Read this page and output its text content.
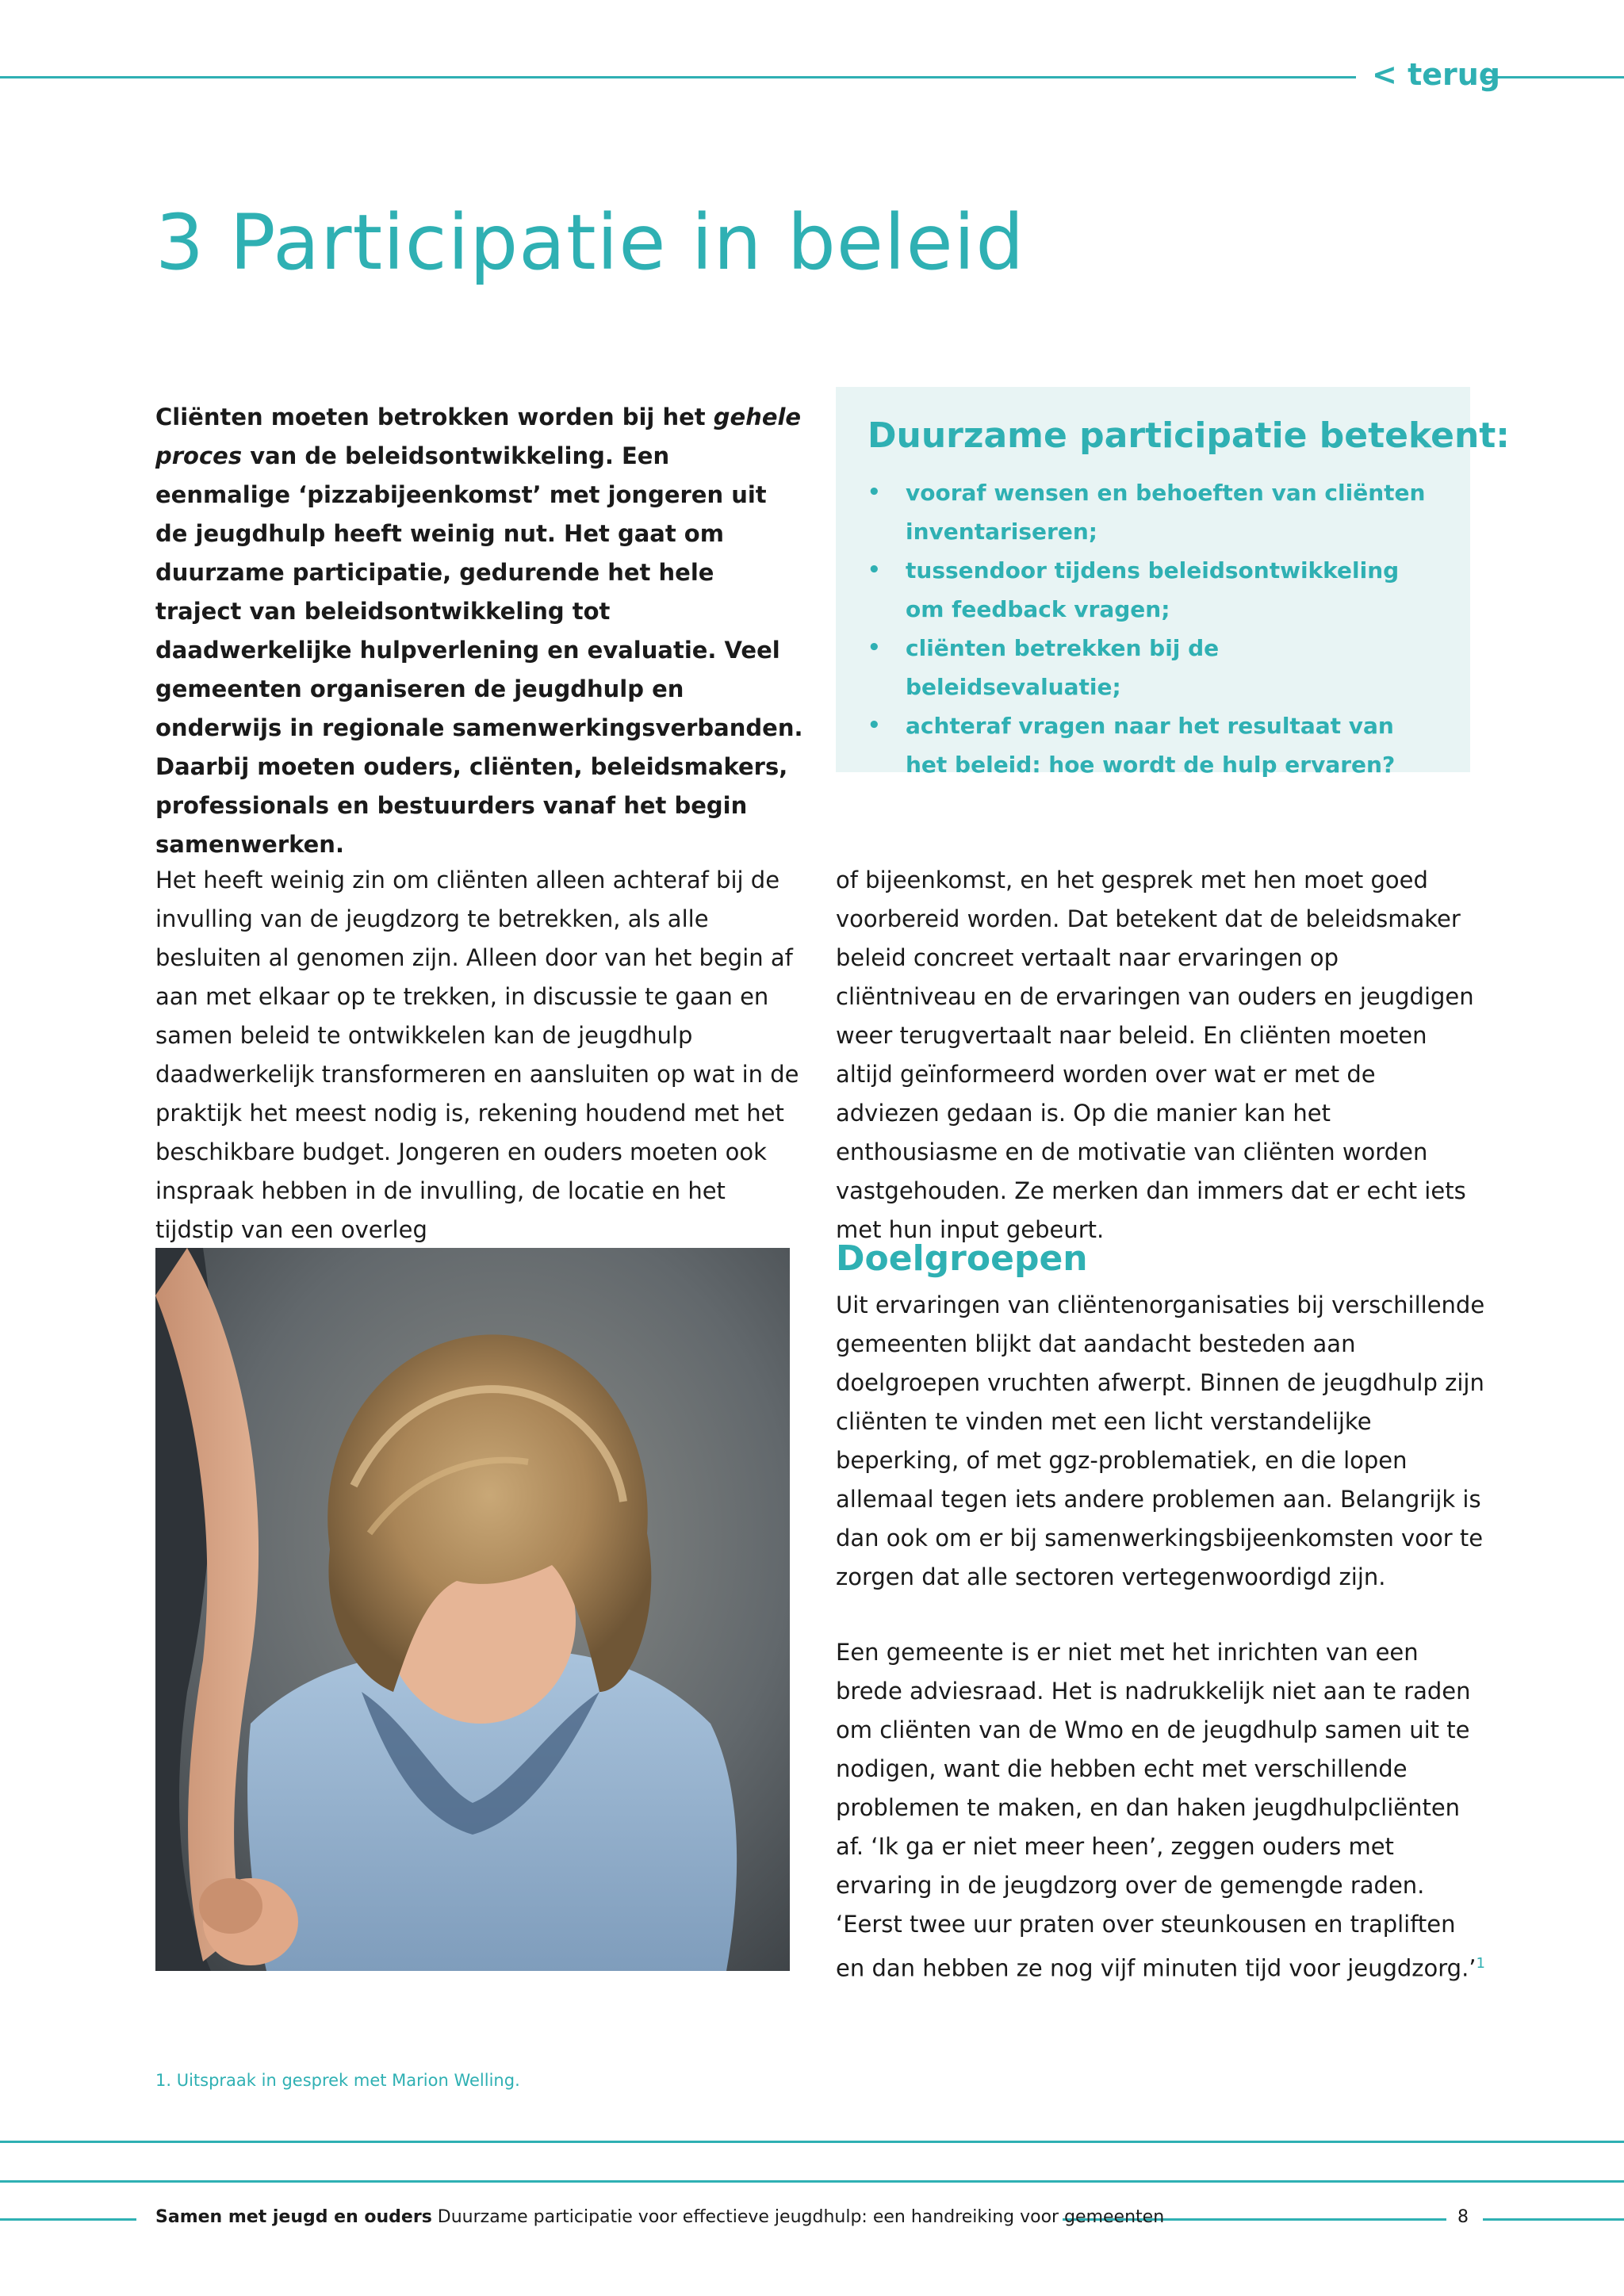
< terug
3 Participatie in beleid

Cliënten moeten betrokken worden bij het gehele proces van de beleidsontwikkeling. Een eenmalige ‘pizzabijeenkomst’ met jongeren uit de jeugdhulp heeft weinig nut. Het gaat om duurzame participatie, gedurende het hele traject van beleidsontwikkeling tot daadwerkelijke hulpverlening en evaluatie. Veel gemeenten organiseren de jeugdhulp en onderwijs in regionale samenwerkingsverbanden. Daarbij moeten ouders, cliënten, beleidsmakers, professionals en bestuurders vanaf het begin samenwerken.

Duurzame participatie betekent:
• vooraf wensen en behoeften van cliënten inventariseren;
• tussendoor tijdens beleidsontwikkeling om feedback vragen;
• cliënten betrekken bij de beleidsevaluatie;
• achteraf vragen naar het resultaat van het beleid: hoe wordt de hulp ervaren?

Het heeft weinig zin om cliënten alleen achteraf bij de invulling van de jeugdzorg te betrekken, als alle besluiten al genomen zijn. Alleen door van het begin af aan met elkaar op te trekken, in discussie te gaan en samen beleid te ontwikkelen kan de jeugdhulp daadwerkelijk transformeren en aansluiten op wat in de praktijk het meest nodig is, rekening houdend met het beschikbare budget. Jongeren en ouders moeten ook inspraak hebben in de invulling, de locatie en het tijdstip van een overleg

of bijeenkomst, en het gesprek met hen moet goed voorbereid worden. Dat betekent dat de beleidsmaker beleid concreet vertaalt naar ervaringen op cliëntniveau en de ervaringen van ouders en jeugdigen weer terugvertaalt naar beleid. En cliënten moeten altijd geïnformeerd worden over wat er met de adviezen gedaan is. Op die manier kan het enthousiasme en de motivatie van cliënten worden vastgehouden. Ze merken dan immers dat er echt iets met hun input gebeurt.

Doelgroepen

Uit ervaringen van cliëntenorganisaties bij verschillende gemeenten blijkt dat aandacht besteden aan doelgroepen vruchten afwerpt. Binnen de jeugdhulp zijn cliënten te vinden met een licht verstandelijke beperking, of met ggz-problematiek, en die lopen allemaal tegen iets andere problemen aan. Belangrijk is dan ook om er bij samenwerkingsbijeenkomsten voor te zorgen dat alle sectoren vertegenwoordigd zijn.

Een gemeente is er niet met het inrichten van een brede adviesraad. Het is nadrukkelijk niet aan te raden om cliënten van de Wmo en de jeugdhulp samen uit te nodigen, want die hebben echt met verschillende problemen te maken, en dan haken jeugdhulpcliënten af. ‘Ik ga er niet meer heen’, zeggen ouders met ervaring in de jeugdzorg over de gemengde raden. ‘Eerst twee uur praten over steunkousen en trapliften en dan hebben ze nog vijf minuten tijd voor jeugdzorg.’$^1$

1. Uitspraak in gesprek met Marion Welling.
Samen met jeugd en ouders Duurzame participatie voor effectieve jeugdhulp: een handreiking voor gemeenten	8
